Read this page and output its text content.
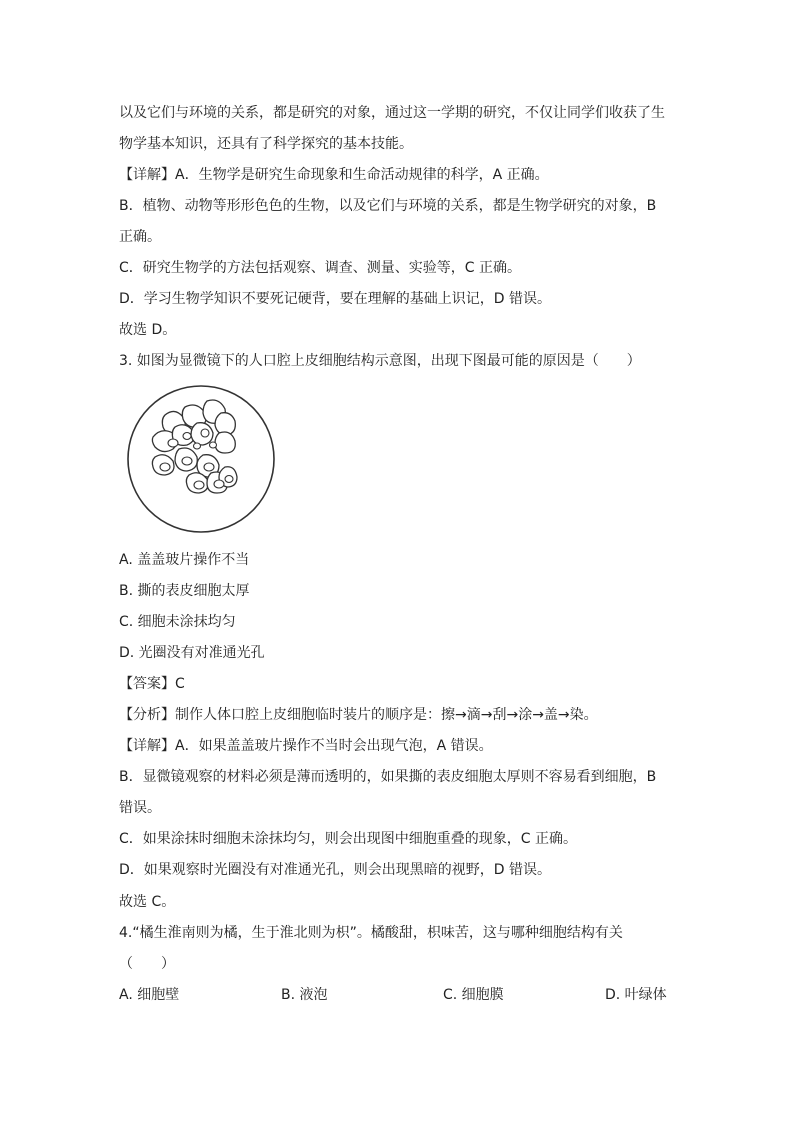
以及它们与环境的关系，都是研究的对象，通过这一学期的研究，不仅让同学们收获了生
物学基本知识，还具有了科学探究的基本技能。
【详解】A．生物学是研究生命现象和生命活动规律的科学，A 正确。
B．植物、动物等形形色色的生物，以及它们与环境的关系，都是生物学研究的对象，B
正确。
C．研究生物学的方法包括观察、调查、测量、实验等，C 正确。
D．学习生物学知识不要死记硬背，要在理解的基础上识记，D 错误。
故选 D。
3. 如图为显微镜下的人口腔上皮细胞结构示意图，出现下图最可能的原因是（　　）
A. 盖盖玻片操作不当
B. 撕的表皮细胞太厚
C. 细胞未涂抹均匀
D. 光圈没有对准通光孔
【答案】C
【分析】制作人体口腔上皮细胞临时装片的顺序是：擦→滴→刮→涂→盖→染。
【详解】A．如果盖盖玻片操作不当时会出现气泡，A 错误。
B．显微镜观察的材料必须是薄而透明的，如果撕的表皮细胞太厚则不容易看到细胞，B
错误。
C．如果涂抹时细胞未涂抹均匀，则会出现图中细胞重叠的现象，C 正确。
D．如果观察时光圈没有对准通光孔，则会出现黑暗的视野，D 错误。
故选 C。
4.“橘生淮南则为橘，生于淮北则为枳”。橘酸甜，枳味苦，这与哪种细胞结构有关
（　　）
A. 细胞壁	B. 液泡	C. 细胞膜	D. 叶绿体
